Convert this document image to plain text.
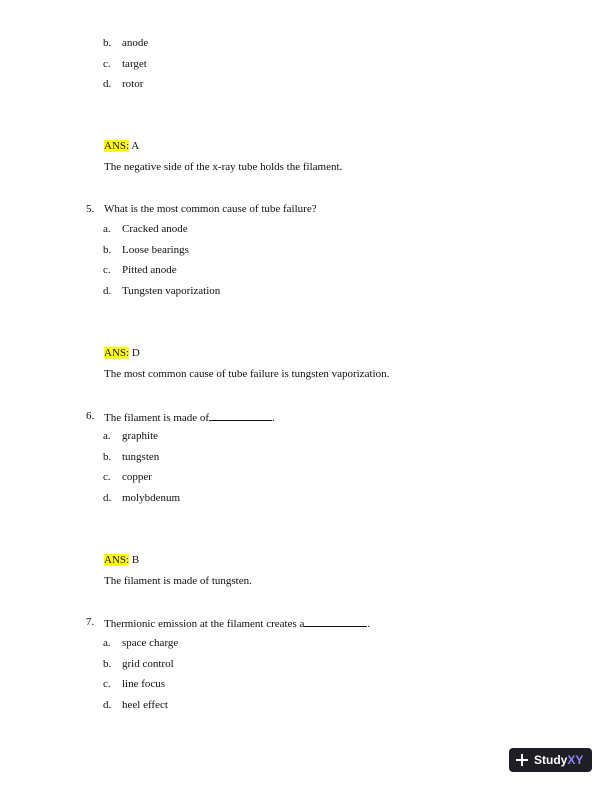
b. anode
c.	target
d. rotor
ANS: A
The negative side of the x-ray tube holds the filament.
5. What is the most common cause of tube failure?
a.	Cracked anode
b. Loose bearings
c.	Pitted anode
d. Tungsten vaporization
ANS: D
The most common cause of tube failure is tungsten vaporization.
6. The filament is made of	.
a.	graphite
b. tungsten
c.	copper
d. molybdenum
ANS: B
The filament is made of tungsten.
7. Thermionic emission at the filament creates a	.
a.	space charge
b. grid control
c.	line focus
d. heel effect
Study XY
